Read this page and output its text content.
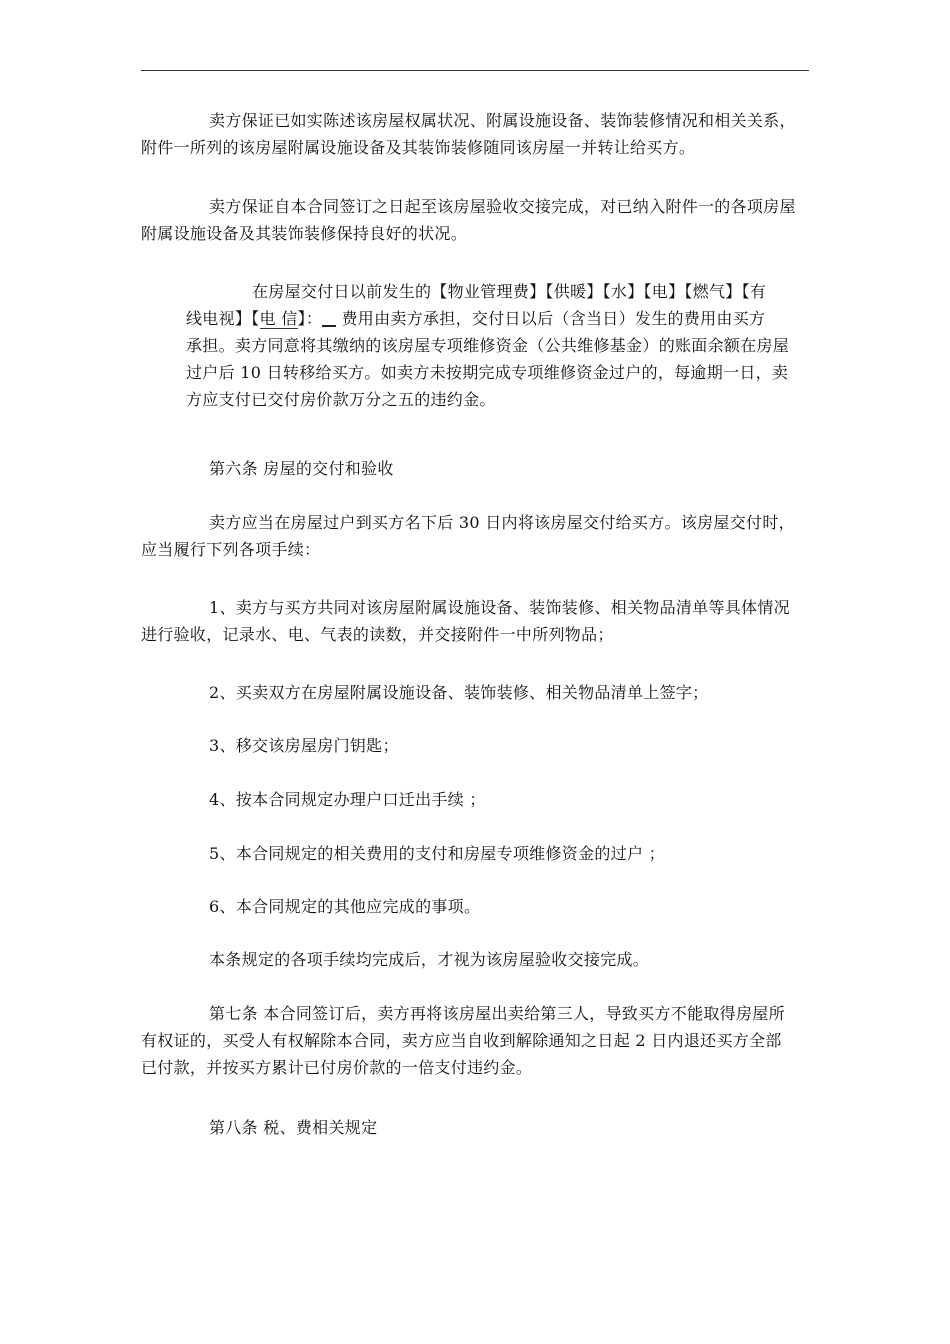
卖方保证已如实陈述该房屋权属状况、附属设施设备、装饰装修情况和相关关系，
附件一所列的该房屋附属设施设备及其装饰装修随同该房屋一并转让给买方。
卖方保证自本合同签订之日起至该房屋验收交接完成，对已纳入附件一的各项房屋
附属设施设备及其装饰装修保持良好的状况。
在房屋交付日以前发生的【物业管理费】【供暖】【水】【电】【燃气】【有
线电视】【电 信】： 费用由卖方承担，交付日以后（含当日）发生的费用由买方
承担。卖方同意将其缴纳的该房屋专项维修资金（公共维修基金）的账面余额在房屋
过户后 10 日转移给买方。如卖方未按期完成专项维修资金过户的，每逾期一日，卖
方应支付已交付房价款万分之五的违约金。
第六条 房屋的交付和验收
卖方应当在房屋过户到买方名下后 30 日内将该房屋交付给买方。该房屋交付时，
应当履行下列各项手续：
1、卖方与买方共同对该房屋附属设施设备、装饰装修、相关物品清单等具体情况
进行验收，记录水、电、气表的读数，并交接附件一中所列物品；
2、买卖双方在房屋附属设施设备、装饰装修、相关物品清单上签字；
3、移交该房屋房门钥匙；
4、按本合同规定办理户口迁出手续 ；
5、本合同规定的相关费用的支付和房屋专项维修资金的过户 ；
6、本合同规定的其他应完成的事项。
本条规定的各项手续均完成后，才视为该房屋验收交接完成。
第七条 本合同签订后，卖方再将该房屋出卖给第三人，导致买方不能取得房屋所
有权证的，买受人有权解除本合同，卖方应当自收到解除通知之日起 2 日内退还买方全部
已付款，并按买方累计已付房价款的一倍支付违约金。
第八条 税、费相关规定
